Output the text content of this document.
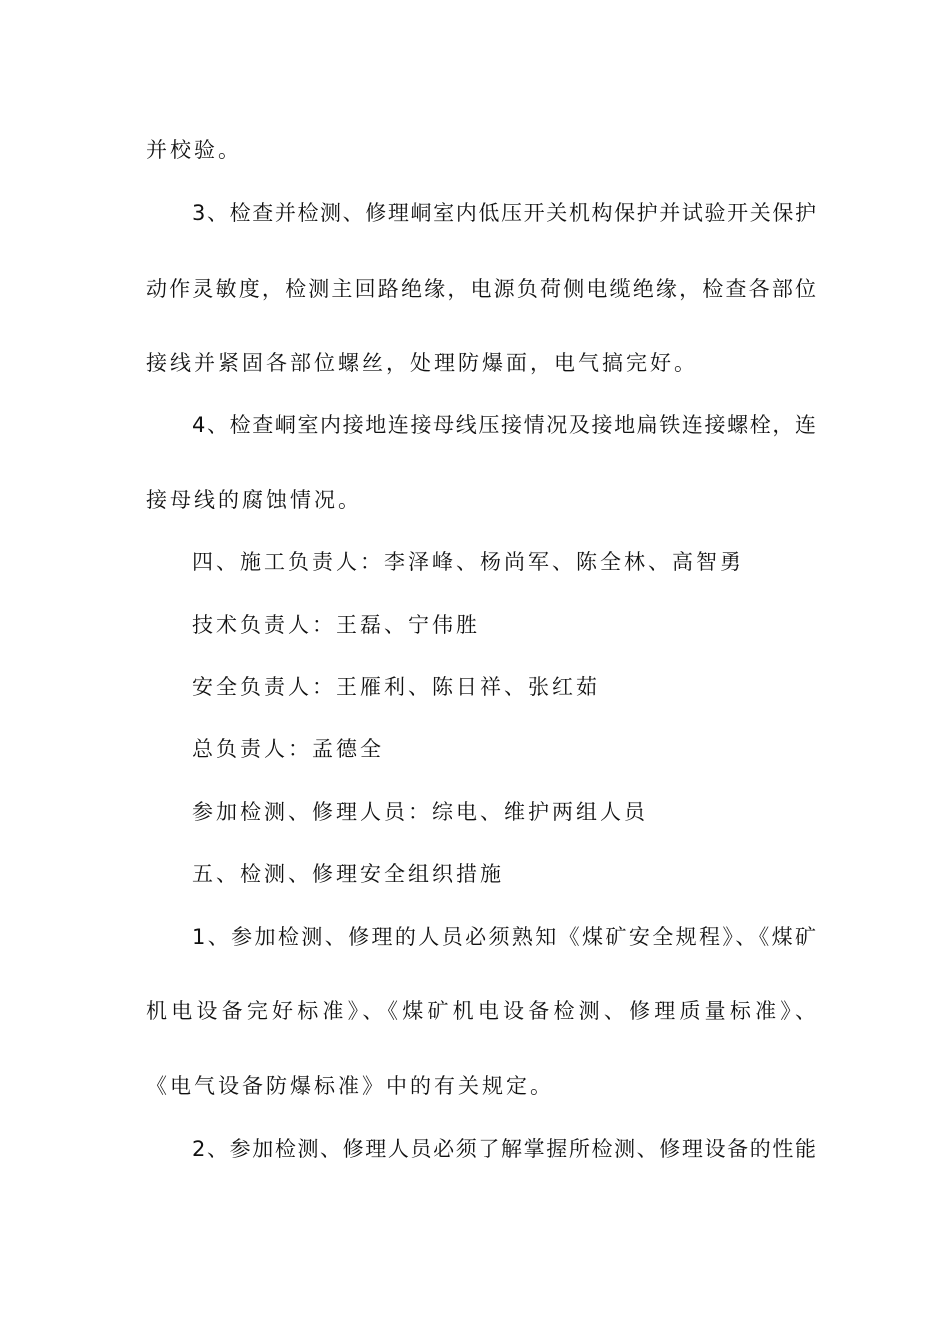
并校验。
3、检查并检测、修理峒室内低压开关机构保护并试验开关保护
动作灵敏度，检测主回路绝缘，电源负荷侧电缆绝缘，检查各部位
接线并紧固各部位螺丝，处理防爆面，电气搞完好。
4、检查峒室内接地连接母线压接情况及接地扁铁连接螺栓，连
接母线的腐蚀情况。
四、施工负责人：李泽峰、杨尚军、陈全林、高智勇
技术负责人：王磊、宁伟胜
安全负责人：王雁利、陈日祥、张红茹
总负责人：孟德全
参加检测、修理人员：综电、维护两组人员
五、检测、修理安全组织措施
1、参加检测、修理的人员必须熟知《煤矿安全规程》、《煤矿
机电设备完好标准》、《煤矿机电设备检测、修理质量标准》、
《电气设备防爆标准》中的有关规定。
2、参加检测、修理人员必须了解掌握所检测、修理设备的性能
